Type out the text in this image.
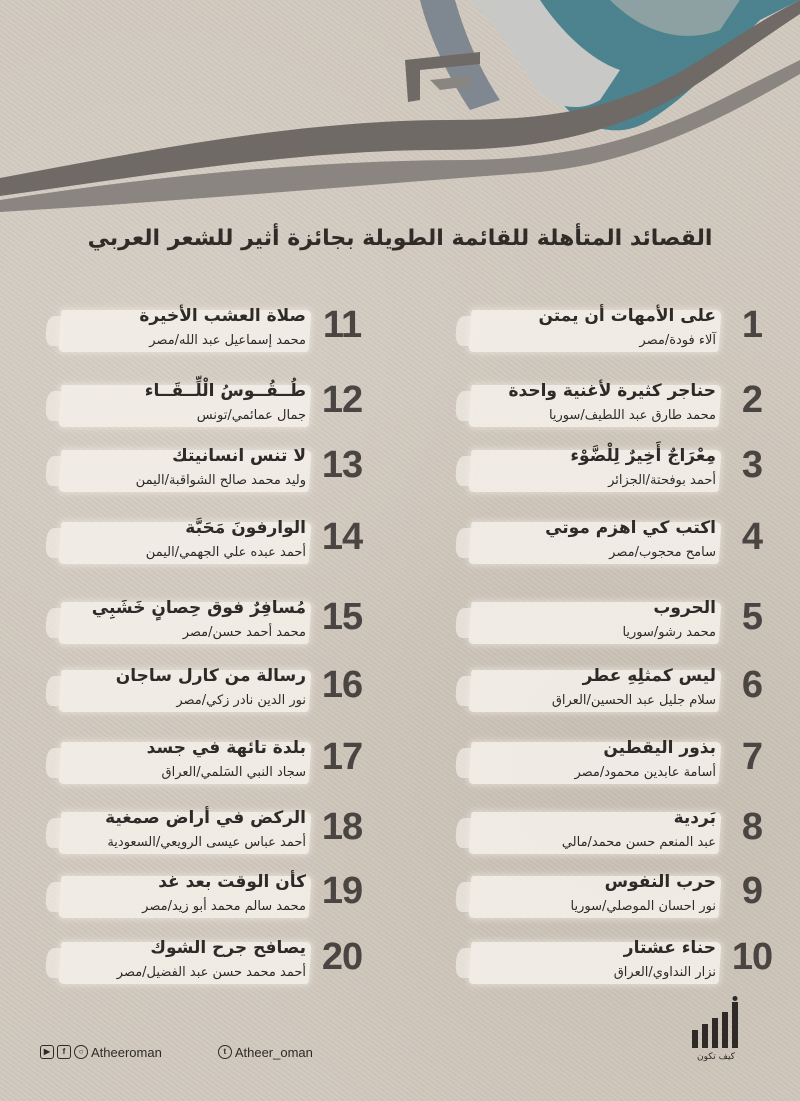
القصائد المتأهلة للقائمة الطويلة بجائزة أثير للشعر العربي
1
على الأمهات أن يمتن
آلاء فودة/مصر
2
حناجر كثيرة لأغنية واحدة
محمد طارق عبد اللطيف/سوريا
3
مِعْرَاجٌ أَخِيرٌ لِلْضَّوْء
أحمد بوفحتة/الجزائر
4
اكتب كي اهزم موتي
سامح محجوب/مصر
5
الحروب
محمد رشو/سوريا
6
ليس كمثلِهِ عطر
سلام جليل عبد الحسين/العراق
7
بذور اليقطين
أسامة عابدين محمود/مصر
8
بَردية
عبد المنعم حسن محمد/مالي
9
حرب النفوس
نور احسان الموصلي/سوريا
10
حناء عشتار
نزار النداوي/العراق
11
صلاة العشب الأخيرة
محمد إسماعيل عبد الله/مصر
12
طُــقُــوسُ الْلِّــقَــاء
جمال عمائمي/تونس
13
لا تنس انسانيتك
وليد محمد صالح الشواقبة/اليمن
14
الوارفونَ مَحَبَّة
أحمد عبده علي الجهمي/اليمن
15
مُسافِرٌ فوق حِصانٍ خَشَبِي
محمد أحمد حسن/مصر
16
رسالة من كارل ساجان
نور الدين نادر زكي/مصر
17
بلدة تائهة في جسد
سجاد النبي السَلمي/العراق
18
الركض في أراض صمغية
أحمد عباس عيسى الرويعي/السعودية
19
كأن الوقت بعد غد
محمد سالم محمد أبو زيد/مصر
20
يصافح جرح الشوك
أحمد محمد حسن عبد الفضيل/مصر
▶	f	○ Atheeroman	t Atheer_oman	كيف تكون
